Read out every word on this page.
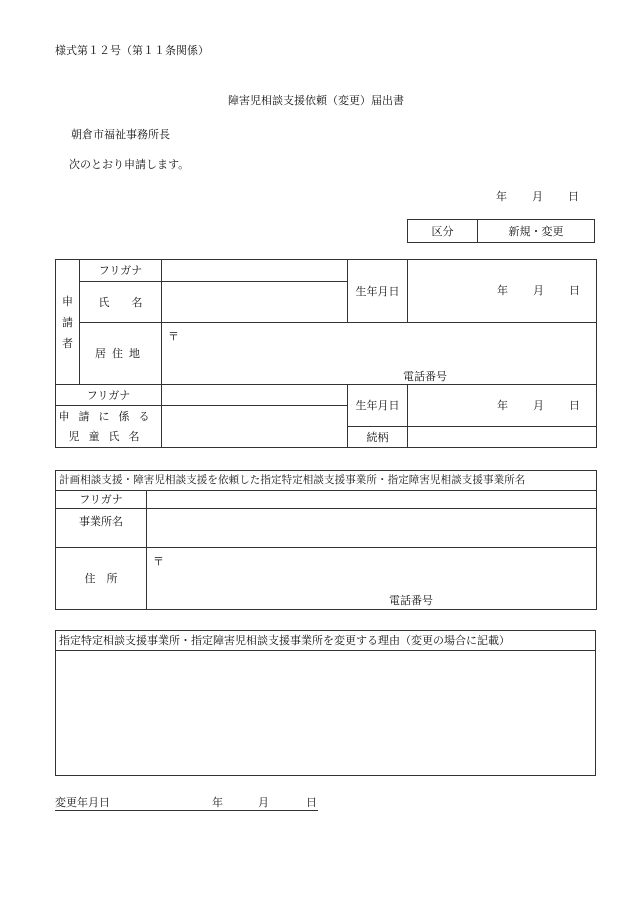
様式第１２号（第１１条関係）
障害児相談支援依頼（変更）届出書
朝倉市福祉事務所長
次のとおり申請します。
年 月 日
区分	新規・変更
申請者	フリガナ		生年月日	年 月 日

	氏　　名			
	居住地	〒
電話番号		

フリガナ			生年月日	年 月 日

申請に係る
児童氏名				
			続柄	
計画相談支援・障害児相談支援を依頼した指定特定相談支援事業所・指定障害児相談支援事業所名	
フリガナ	
事業所名	
住　所	〒
電話番号
指定特定相談支援事業所・指定障害児相談支援事業所を変更する理由（変更の場合に記載）

変更年月日	年	月	日
